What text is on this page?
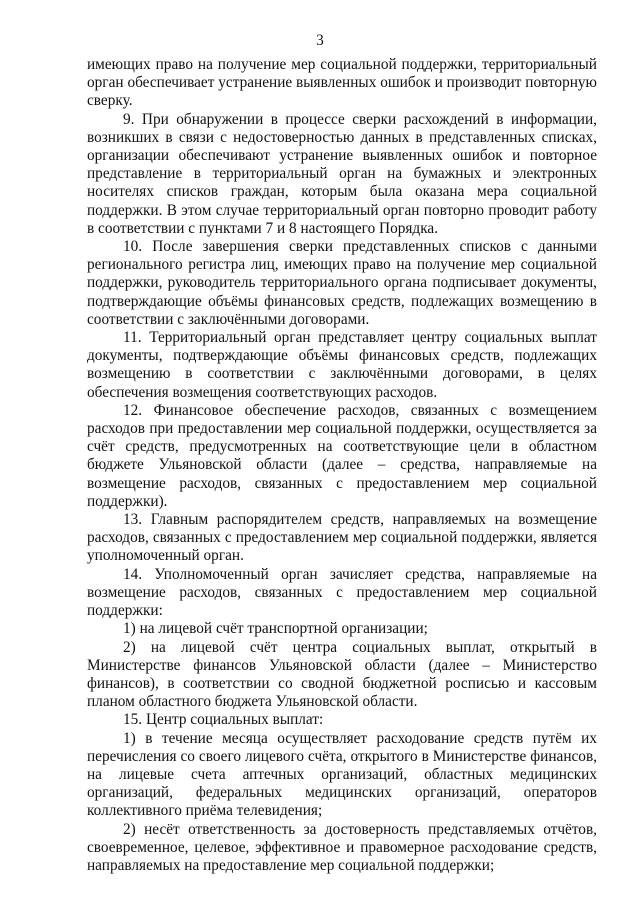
3

имеющих право на получение мер социальной поддержки, территориальный орган обеспечивает устранение выявленных ошибок и производит повторную сверку.

9. При обнаружении в процессе сверки расхождений в информации, возникших в связи с недостоверностью данных в представленных списках, организации обеспечивают устранение выявленных ошибок и повторное представление в территориальный орган на бумажных и электронных носителях списков граждан, которым была оказана мера социальной поддержки. В этом случае территориальный орган повторно проводит работу в соответствии с пунктами 7 и 8 настоящего Порядка.

10. После завершения сверки представленных списков с данными регионального регистра лиц, имеющих право на получение мер социальной поддержки, руководитель территориального органа подписывает документы, подтверждающие объёмы финансовых средств, подлежащих возмещению в соответствии с заключёнными договорами.

11. Территориальный орган представляет центру социальных выплат документы, подтверждающие объёмы финансовых средств, подлежащих возмещению в соответствии с заключёнными договорами, в целях обеспечения возмещения соответствующих расходов.

12. Финансовое обеспечение расходов, связанных с возмещением расходов при предоставлении мер социальной поддержки, осуществляется за счёт средств, предусмотренных на соответствующие цели в областном бюджете Ульяновской области (далее – средства, направляемые на возмещение расходов, связанных с предоставлением мер социальной поддержки).

13. Главным распорядителем средств, направляемых на возмещение расходов, связанных с предоставлением мер социальной поддержки, является уполномоченный орган.

14. Уполномоченный орган зачисляет средства, направляемые на возмещение расходов, связанных с предоставлением мер социальной поддержки:

1) на лицевой счёт транспортной организации;

2) на лицевой счёт центра социальных выплат, открытый в Министерстве финансов Ульяновской области (далее – Министерство финансов), в соответствии со сводной бюджетной росписью и кассовым планом областного бюджета Ульяновской области.

15. Центр социальных выплат:

1) в течение месяца осуществляет расходование средств путём их перечисления со своего лицевого счёта, открытого в Министерстве финансов, на лицевые счета аптечных организаций, областных медицинских организаций, федеральных медицинских организаций, операторов коллективного приёма телевидения;

2) несёт ответственность за достоверность представляемых отчётов, своевременное, целевое, эффективное и правомерное расходование средств, направляемых на предоставление мер социальной поддержки;
